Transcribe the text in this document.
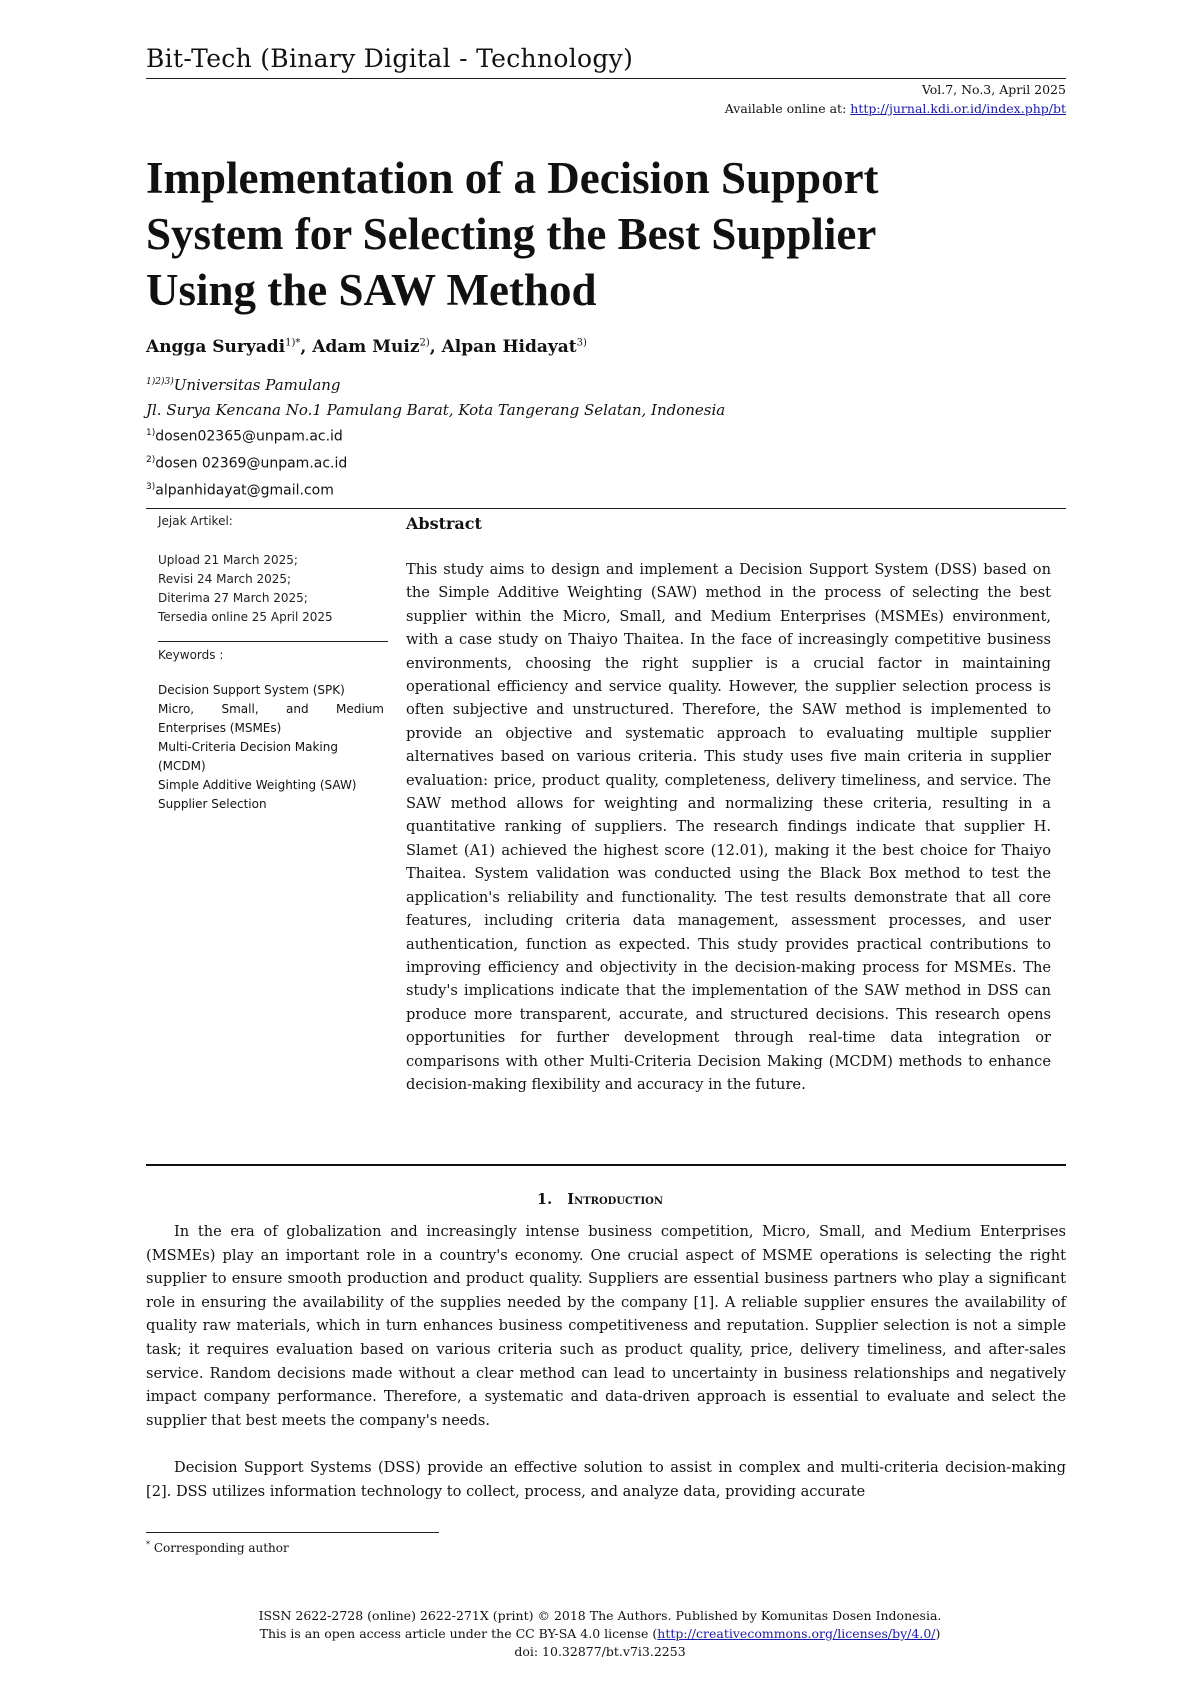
Bit-Tech (Binary Digital - Technology)
Vol.7, No.3, April 2025
Available online at: http://jurnal.kdi.or.id/index.php/bt
Implementation of a Decision Support
System for Selecting the Best Supplier
Using the SAW Method
Angga Suryadi$^{1)*}$, Adam Muiz$^{2)}$, Alpan Hidayat$^{3)}$
$^{1)2)3)}$Universitas Pamulang
Jl. Surya Kencana No.1 Pamulang Barat, Kota Tangerang Selatan, Indonesia
$^{1)}$dosen02365@unpam.ac.id
$^{2)}$dosen 02369@unpam.ac.id
$^{3)}$alpanhidayat@gmail.com
Jejak Artikel:
Upload 21 March 2025;
Revisi 24 March 2025;
Diterima 27 March 2025;
Tersedia online 25 April 2025
Keywords :
Decision Support System (SPK)
Micro, Small, and Medium Enterprises (MSMEs)
Multi-Criteria Decision Making (MCDM)
Simple Additive Weighting (SAW)
Supplier Selection
Abstract

This study aims to design and implement a Decision Support System (DSS) based on the Simple Additive Weighting (SAW) method in the process of selecting the best supplier within the Micro, Small, and Medium Enterprises (MSMEs) environment, with a case study on Thaiyo Thaitea. In the face of increasingly competitive business environments, choosing the right supplier is a crucial factor in maintaining operational efficiency and service quality. However, the supplier selection process is often subjective and unstructured. Therefore, the SAW method is implemented to provide an objective and systematic approach to evaluating multiple supplier alternatives based on various criteria. This study uses five main criteria in supplier evaluation: price, product quality, completeness, delivery timeliness, and service. The SAW method allows for weighting and normalizing these criteria, resulting in a quantitative ranking of suppliers. The research findings indicate that supplier H. Slamet (A1) achieved the highest score (12.01), making it the best choice for Thaiyo Thaitea. System validation was conducted using the Black Box method to test the application's reliability and functionality. The test results demonstrate that all core features, including criteria data management, assessment processes, and user authentication, function as expected. This study provides practical contributions to improving efficiency and objectivity in the decision-making process for MSMEs. The study's implications indicate that the implementation of the SAW method in DSS can produce more transparent, accurate, and structured decisions. This research opens opportunities for further development through real-time data integration or comparisons with other Multi-Criteria Decision Making (MCDM) methods to enhance decision-making flexibility and accuracy in the future.

1. Introduction

In the era of globalization and increasingly intense business competition, Micro, Small, and Medium Enterprises (MSMEs) play an important role in a country's economy. One crucial aspect of MSME operations is selecting the right supplier to ensure smooth production and product quality. Suppliers are essential business partners who play a significant role in ensuring the availability of the supplies needed by the company [1]. A reliable supplier ensures the availability of quality raw materials, which in turn enhances business competitiveness and reputation. Supplier selection is not a simple task; it requires evaluation based on various criteria such as product quality, price, delivery timeliness, and after-sales service. Random decisions made without a clear method can lead to uncertainty in business relationships and negatively impact company performance. Therefore, a systematic and data-driven approach is essential to evaluate and select the supplier that best meets the company's needs.

Decision Support Systems (DSS) provide an effective solution to assist in complex and multi-criteria decision-making [2]. DSS utilizes information technology to collect, process, and analyze data, providing accurate

* Corresponding author
ISSN 2622-2728 (online) 2622-271X (print) © 2018 The Authors. Published by Komunitas Dosen Indonesia.
This is an open access article under the CC BY-SA 4.0 license (http://creativecommons.org/licenses/by/4.0/)
doi: 10.32877/bt.v7i3.2253
